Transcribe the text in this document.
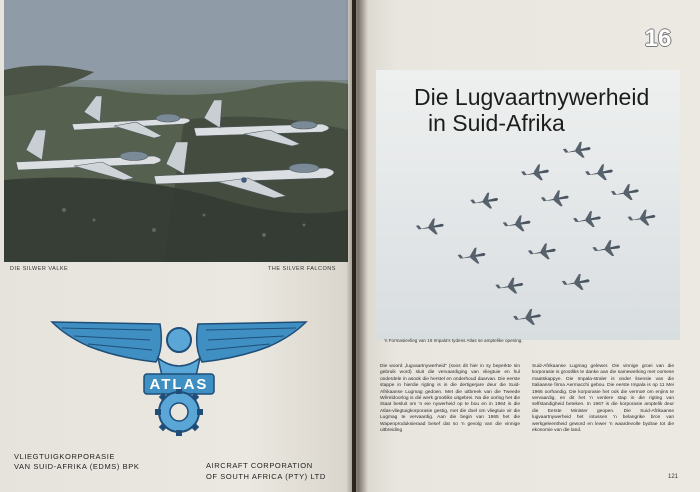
DIE SILWER VALKE	THE SILVER FALCONS
ATLAS
VLIEGTUIGKORPORASIE
VAN SUID-AFRIKA (EDMS) BPK	AIRCRAFT CORPORATION
OF SOUTH AFRICA (PTY) LTD
16
Die Lugvaartnywerheid
in Suid-Afrika
'n Formasievlieg van 16 Impala's tydens Atlas se amptelike opening.
Die woord „lugvaartnywerheid” (soos dit hier in sy beperkte sin gebruik word) sluit die vervaardiging van vliegtuie en hul onderdele in asook die herstel en onderhoud daarvan. Die eerste stappe in hierdie rigting is in die dertigerjare deur die Suid-Afrikaanse Lugmag gedoen. Met die uitbreek van die Tweede Wêreldoorlog is dié werk grootliks uitgebrei. Na die oorlog het die Staat besluit om 'n eie nywerheid op te bou en in 1964 is die Atlas-vliegtuigkorporasie gestig, met die doel om vliegtuie vir die Lugmag te vervaardig. Aan die begin van 1965 het die Wapenproduksieraad besef dat so 'n gevolg van die vinnige uitbreiding
Suid-Afrikaanse Lugmag gelewer. Die vinnige groei van die korporasie is grootliks te danke aan die samewerking met oorsese maatskappye. Die Impala-straler is onder lisensie van die Italiaanse firma Aermacchi gebou. Die eerste Impala is op 11 Mei 1966 oorhandig. Die korporasie het ook die vermoë om enjins te vervaardig, en dit het 'n verdere stap in die rigting van selfstandigheid beteken. In 1967 is die korporasie amptelik deur die Eerste Minister geopen. Die Suid-Afrikaanse lugvaartnywerheid het intussen 'n belangrike bron van werkgeleentheid geword en lewer 'n waardevolle bydrae tot die ekonomie van die land.
121
